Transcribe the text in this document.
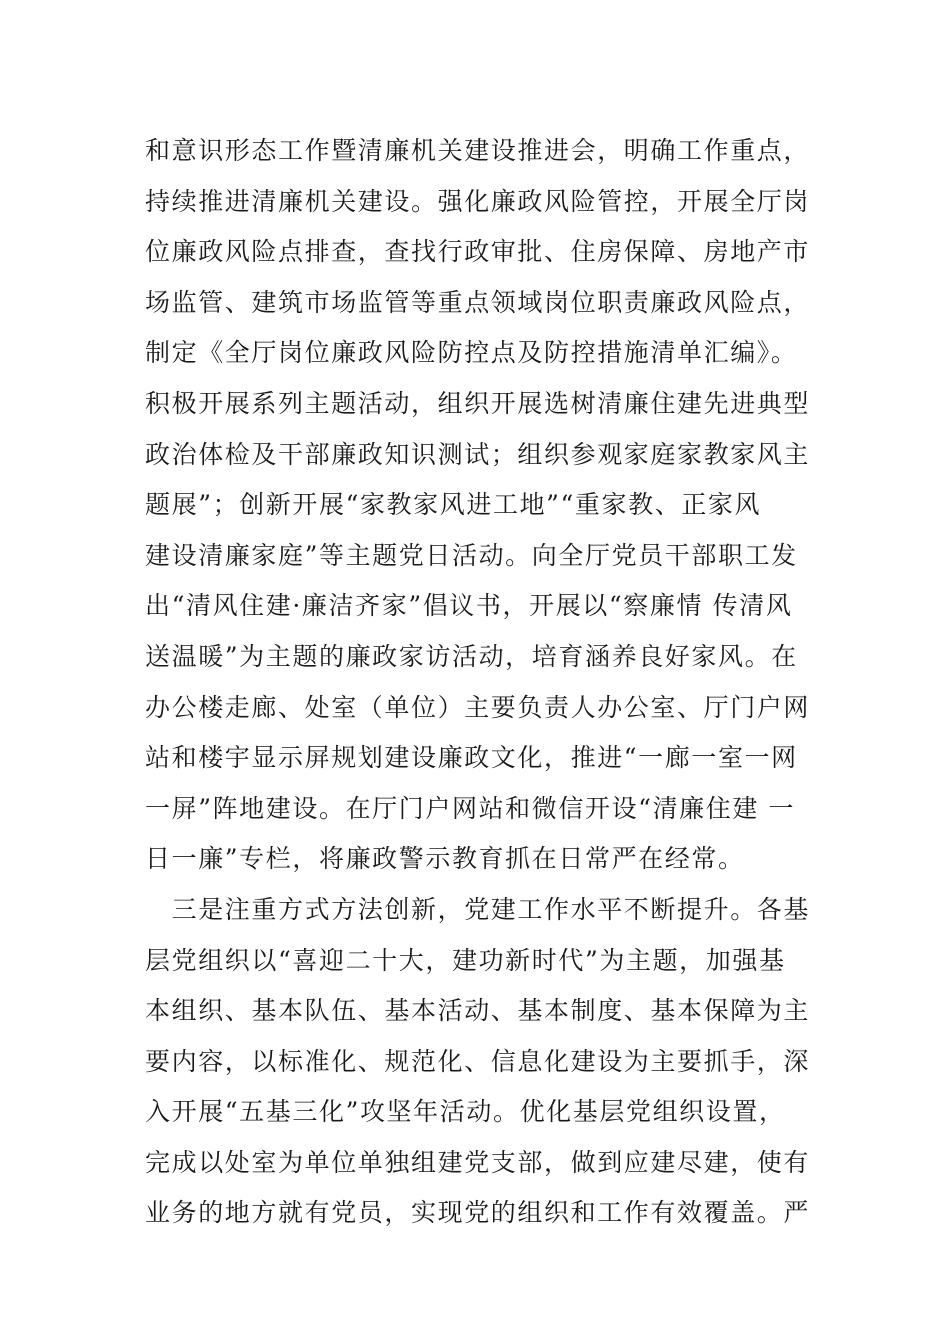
和意识形态工作暨清廉机关建设推进会，明确工作重点，
持续推进清廉机关建设。强化廉政风险管控，开展全厅岗
位廉政风险点排查，查找行政审批、住房保障、房地产市
场监管、建筑市场监管等重点领域岗位职责廉政风险点，
制定《全厅岗位廉政风险防控点及防控措施清单汇编》。
积极开展系列主题活动，组织开展选树清廉住建先进典型
政治体检及干部廉政知识测试；组织参观家庭家教家风主
题展”；创新开展“家教家风进工地”“重家教、正家风
建设清廉家庭”等主题党日活动。向全厅党员干部职工发
出“清风住建·廉洁齐家”倡议书，开展以“察廉情 传清风
送温暖”为主题的廉政家访活动，培育涵养良好家风。在
办公楼走廊、处室（单位）主要负责人办公室、厅门户网
站和楼宇显示屏规划建设廉政文化，推进“一廊一室一网
一屏”阵地建设。在厅门户网站和微信开设“清廉住建 一
日一廉”专栏，将廉政警示教育抓在日常严在经常。
　三是注重方式方法创新，党建工作水平不断提升。各基
层党组织以“喜迎二十大，建功新时代”为主题，加强基
本组织、基本队伍、基本活动、基本制度、基本保障为主
要内容，以标准化、规范化、信息化建设为主要抓手，深
入开展“五基三化”攻坚年活动。优化基层党组织设置，
完成以处室为单位单独组建党支部，做到应建尽建，使有
业务的地方就有党员，实现党的组织和工作有效覆盖。严
